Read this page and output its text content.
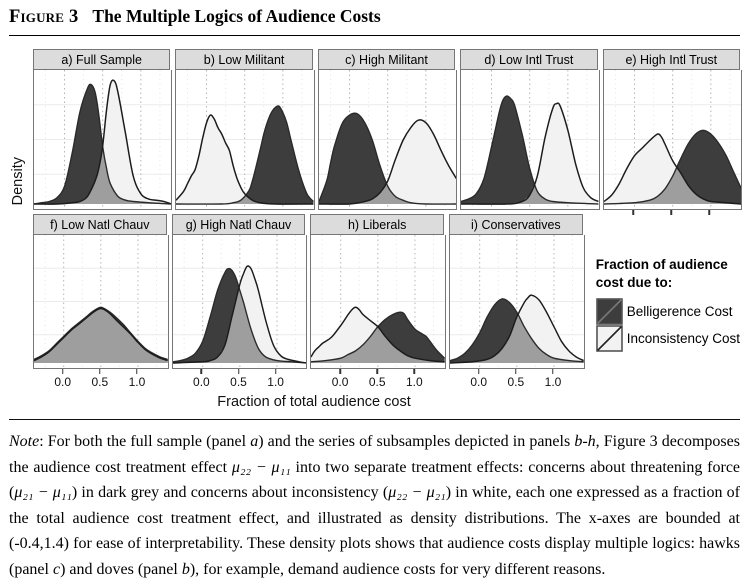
Figure 3 The Multiple Logics of Audience Costs
Density
a) Full Sample	b) Low Militant	c) High Militant	d) Low Intl Trust	e) High Intl Trust
f) Low Natl Chauv
0.0 0.5 1.0
g) High Natl Chauv
0.0 0.5 1.0
h) Liberals
0.0 0.5 1.0
i) Conservatives
0.0 0.5 1.0
Fraction of audience cost due to:
Belligerence Cost
Inconsistency Cost
Fraction of total audience cost
Note: For both the full sample (panel a) and the series of subsamples depicted in panels b-h, Figure 3 decomposes the audience cost treatment effect μ₂₂ − μ₁₁ into two separate treatment effects: concerns about threatening force (μ₂₁ − μ₁₁) in dark grey and concerns about inconsistency (μ₂₂ − μ₂₁) in white, each one expressed as a fraction of the total audience cost treatment effect, and illustrated as density distributions. The x-axes are bounded at (-0.4,1.4) for ease of interpretability. These density plots shows that audience costs display multiple logics: hawks (panel c) and doves (panel b), for example, demand audience costs for very different reasons.
